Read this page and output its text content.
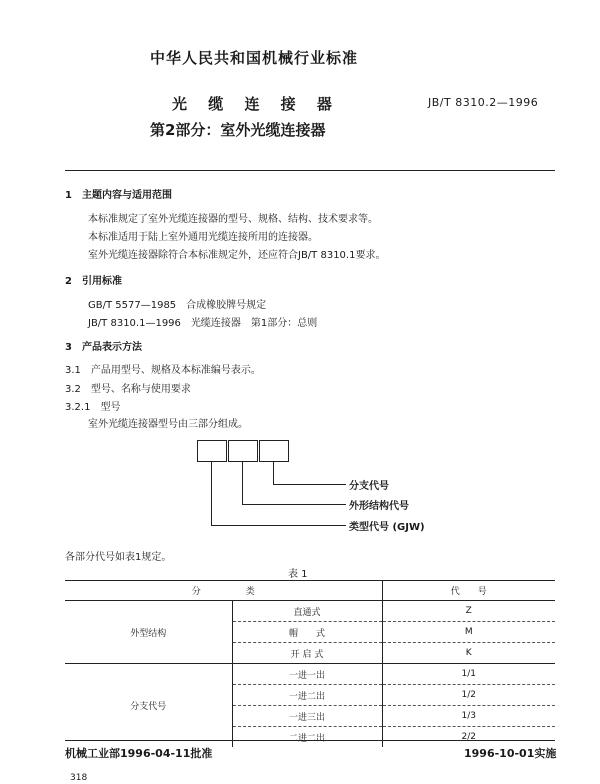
中华人民共和国机械行业标准
光 缆 连 接 器	JB/T 8310.2—1996
第2部分：室外光缆连接器
1　主题内容与适用范围
本标准规定了室外光缆连接器的型号、规格、结构、技术要求等。
本标准适用于陆上室外通用光缆连接所用的连接器。
室外光缆连接器除符合本标准规定外，还应符合JB/T 8310.1要求。
2　引用标准
GB/T 5577—1985　合成橡胶牌号规定
JB/T 8310.1—1996　光缆连接器　第1部分：总则
3　产品表示方法
3.1　产品用型号、规格及本标准编号表示。
3.2　型号、名称与使用要求
3.2.1　型号
室外光缆连接器型号由三部分组成。
分支代号
外形结构代号
类型代号 (GJW)
各部分代号如表1规定。
表 1
分　　　　　类		代　　号
外型结构	直通式	Z
	帽　　式	M
	开 启 式	K
分支代号	一进一出	1/1
	一进二出	1/2
	一进三出	1/3
	二进二出	2/2
机械工业部1996-04-11批准	1996-10-01实施
318
